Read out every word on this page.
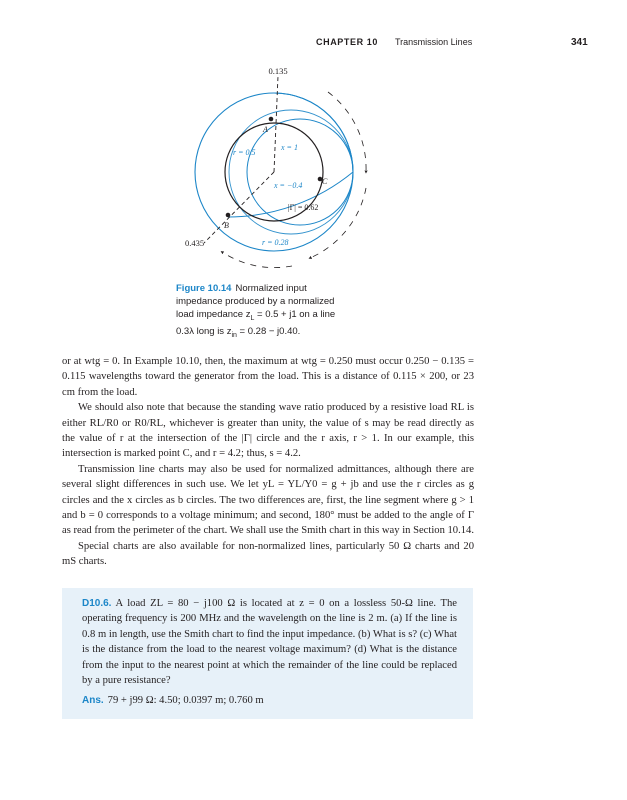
CHAPTER 10 Transmission Lines	341
0.135
0.435
r = 0.5
x = 1
x = −0.4
|Γ| = 0.62
r = 0.28
A
B
C

Figure 10.14 Normalized input

impedance produced by a normalized

load impedance $z_L = 0.5 + j1$ on a line

0.3λ long is $z_{in} = 0.28 - j0.40$.

or at wtg = 0. In Example 10.10, then, the maximum at wtg = 0.250 must occur 0.250 − 0.135 = 0.115 wavelengths toward the generator from the load. This is a distance of 0.115 × 200, or 23 cm from the load.

We should also note that because the standing wave ratio produced by a resistive load RL is either RL/R0 or R0/RL, whichever is greater than unity, the value of s may be read directly as the value of r at the intersection of the |Γ| circle and the r axis, r > 1. In our example, this intersection is marked point C, and r = 4.2; thus, s = 4.2.

Transmission line charts may also be used for normalized admittances, although there are several slight differences in such use. We let yL = YL/Y0 = g + jb and use the r circles as g circles and the x circles as b circles. The two differences are, first, the line segment where g > 1 and b = 0 corresponds to a voltage minimum; and second, 180° must be added to the angle of Γ as read from the perimeter of the chart. We shall use the Smith chart in this way in Section 10.14.

Special charts are also available for non-normalized lines, particularly 50 Ω charts and 20 mS charts.

D10.6. A load ZL = 80 − j100 Ω is located at z = 0 on a lossless 50-Ω line. The operating frequency is 200 MHz and the wavelength on the line is 2 m. (a) If the line is 0.8 m in length, use the Smith chart to find the input impedance. (b) What is s? (c) What is the distance from the load to the nearest voltage maximum? (d) What is the distance from the input to the nearest point at which the remainder of the line could be replaced by a pure resistance?

Ans. 79 + j99 Ω: 4.50; 0.0397 m; 0.760 m
